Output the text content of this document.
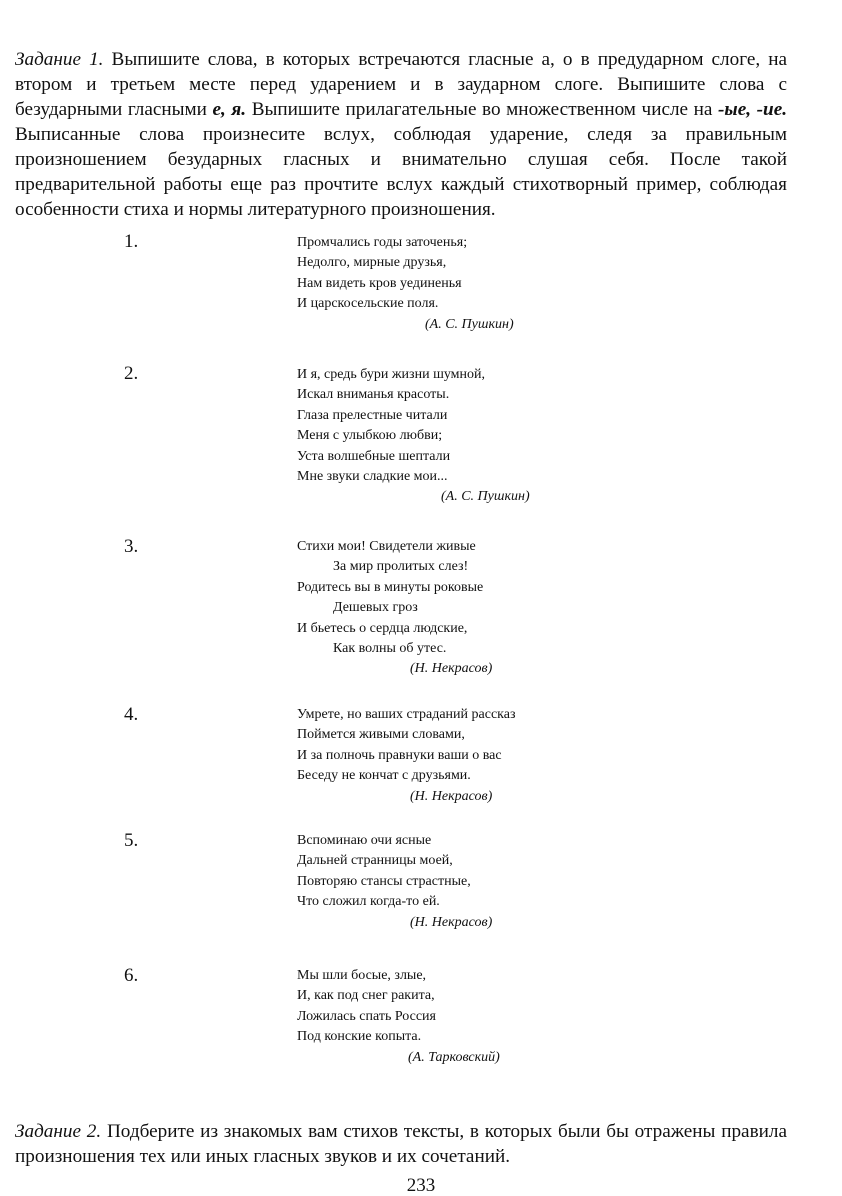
Задание 1. Выпишите слова, в которых встречаются гласные а, о в предударном слоге, на втором и третьем месте перед ударением и в заударном слоге. Выпишите слова с безударными гласными е, я. Выпишите прилагательные во множественном числе на -ые, -ие. Выписанные слова произнесите вслух, соблюдая ударение, следя за правильным произношением безударных гласных и внимательно слушая себя. После такой предварительной работы еще раз прочтите вслух каждый стихотворный пример, соблюдая особенности стиха и нормы литературного произношения.

1.	Промчались годы заточенья;
Недолго, мирные друзья,
Нам видеть кров уединенья
И царскосельские поля.
(А. С. Пушкин)
2.	И я, средь бури жизни шумной,
Искал вниманья красоты.
Глаза прелестные читали
Меня с улыбкою любви;
Уста волшебные шептали
Мне звуки сладкие мои...
(А. С. Пушкин)
3.	Стихи мои! Свидетели живые
За мир пролитых слез!
Родитесь вы в минуты роковые
Дешевых гроз
И бьетесь о сердца людские,
Как волны об утес.
(Н. Некрасов)
4.	Умрете, но ваших страданий рассказ
Поймется живыми словами,
И за полночь правнуки ваши о вас
Беседу не кончат с друзьями.
(Н. Некрасов)
5.	Вспоминаю очи ясные
Дальней странницы моей,
Повторяю стансы страстные,
Что сложил когда-то ей.
(Н. Некрасов)
6.	Мы шли босые, злые,
И, как под снег ракита,
Ложилась спать Россия
Под конские копыта.
(А. Тарковский)

Задание 2. Подберите из знакомых вам стихов тексты, в которых были бы отражены правила произношения тех или иных гласных звуков и их сочетаний.

233
